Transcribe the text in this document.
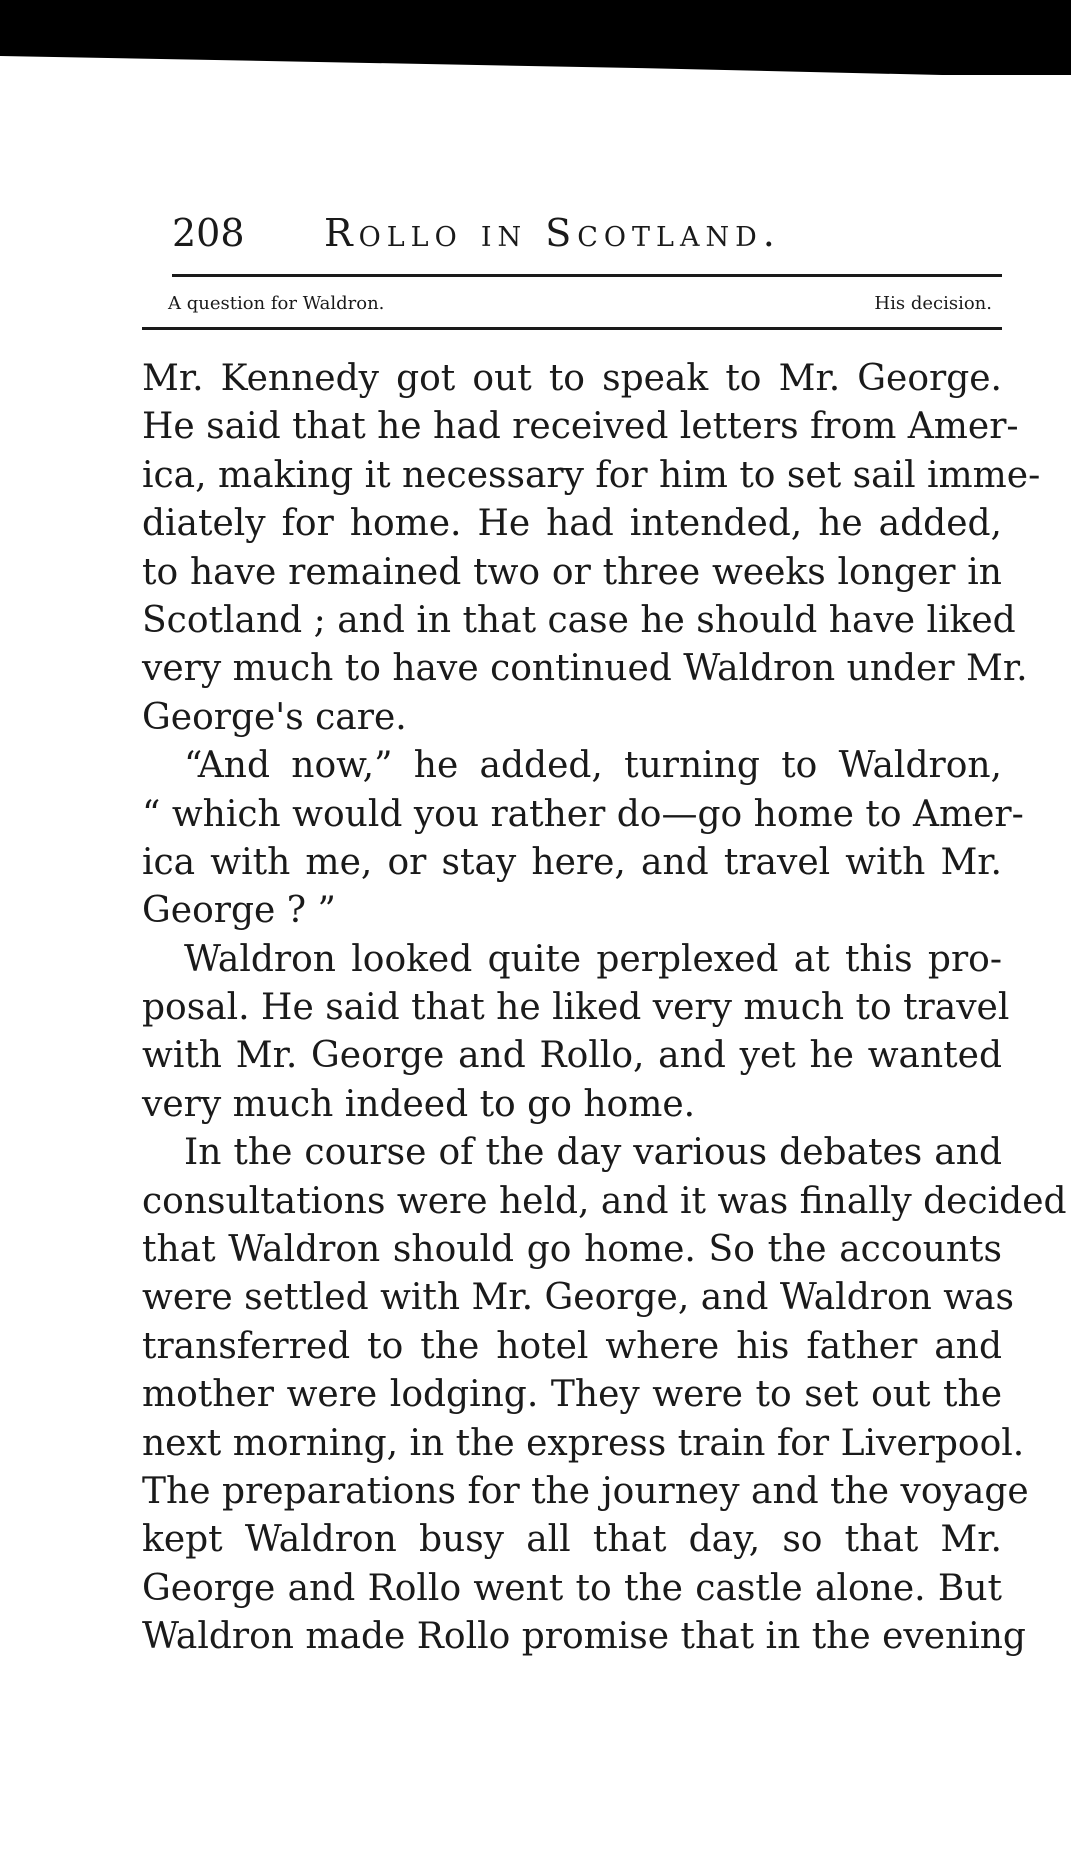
208 Rollo in Scotland.
A question for Waldron.	His decision.
Mr. Kennedy got out to speak to Mr. George.
He said that he had received letters from Amer-
ica, making it necessary for him to set sail imme-
diately for home. He had intended, he added,
to have remained two or three weeks longer in
Scotland ; and in that case he should have liked
very much to have continued Waldron under Mr.
George's care.
“And now,” he added, turning to Waldron,
“ which would you rather do—go home to Amer-
ica with me, or stay here, and travel with Mr.
George ? ”
Waldron looked quite perplexed at this pro-
posal. He said that he liked very much to travel
with Mr. George and Rollo, and yet he wanted
very much indeed to go home.
In the course of the day various debates and
consultations were held, and it was finally decided
that Waldron should go home. So the accounts
were settled with Mr. George, and Waldron was
transferred to the hotel where his father and
mother were lodging. They were to set out the
next morning, in the express train for Liverpool.
The preparations for the journey and the voyage
kept Waldron busy all that day, so that Mr.
George and Rollo went to the castle alone. But
Waldron made Rollo promise that in the evening
